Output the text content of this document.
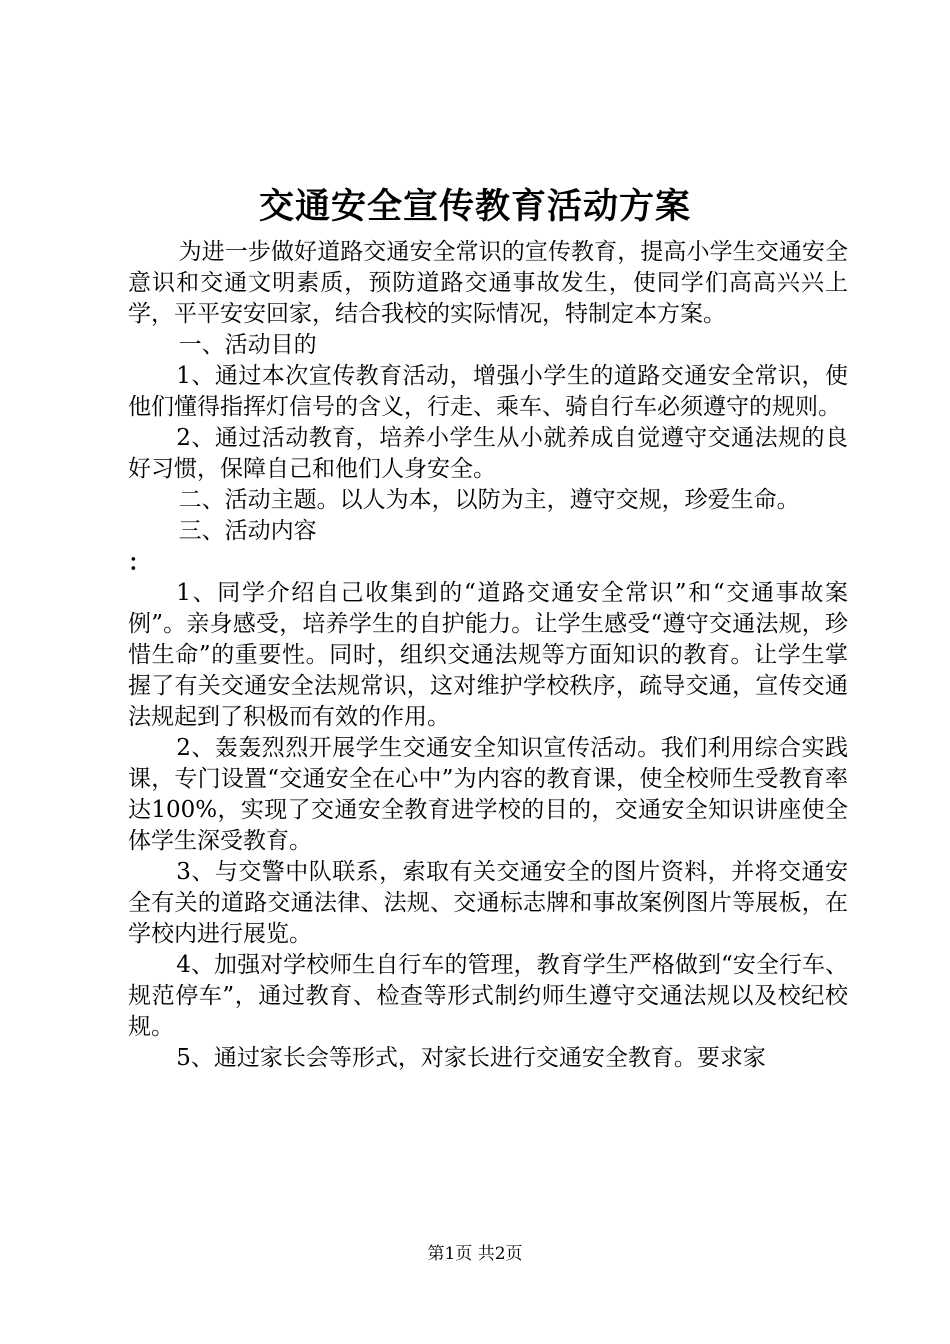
交通安全宣传教育活动方案

为进一步做好道路交通安全常识的宣传教育，提高小学生交通安全意识和交通文明素质，预防道路交通事故发生，使同学们高高兴兴上学，平平安安回家，结合我校的实际情况，特制定本方案。

一、活动目的

1、通过本次宣传教育活动，增强小学生的道路交通安全常识，使他们懂得指挥灯信号的含义，行走、乘车、骑自行车必须遵守的规则。

2、通过活动教育，培养小学生从小就养成自觉遵守交通法规的良好习惯，保障自己和他们人身安全。

二、活动主题。以人为本，以防为主，遵守交规，珍爱生命。

三、活动内容

：

1、同学介绍自己收集到的“道路交通安全常识”和“交通事故案例”。亲身感受，培养学生的自护能力。让学生感受“遵守交通法规，珍惜生命”的重要性。同时，组织交通法规等方面知识的教育。让学生掌握了有关交通安全法规常识，这对维护学校秩序，疏导交通，宣传交通法规起到了积极而有效的作用。

2、轰轰烈烈开展学生交通安全知识宣传活动。我们利用综合实践课，专门设置“交通安全在心中”为内容的教育课，使全校师生受教育率达100%，实现了交通安全教育进学校的目的，交通安全知识讲座使全体学生深受教育。

3、与交警中队联系，索取有关交通安全的图片资料，并将交通安全有关的道路交通法律、法规、交通标志牌和事故案例图片等展板，在学校内进行展览。

4、加强对学校师生自行车的管理，教育学生严格做到“安全行车、规范停车”，通过教育、检查等形式制约师生遵守交通法规以及校纪校规。

5、通过家长会等形式，对家长进行交通安全教育。要求家

第1页 共2页
